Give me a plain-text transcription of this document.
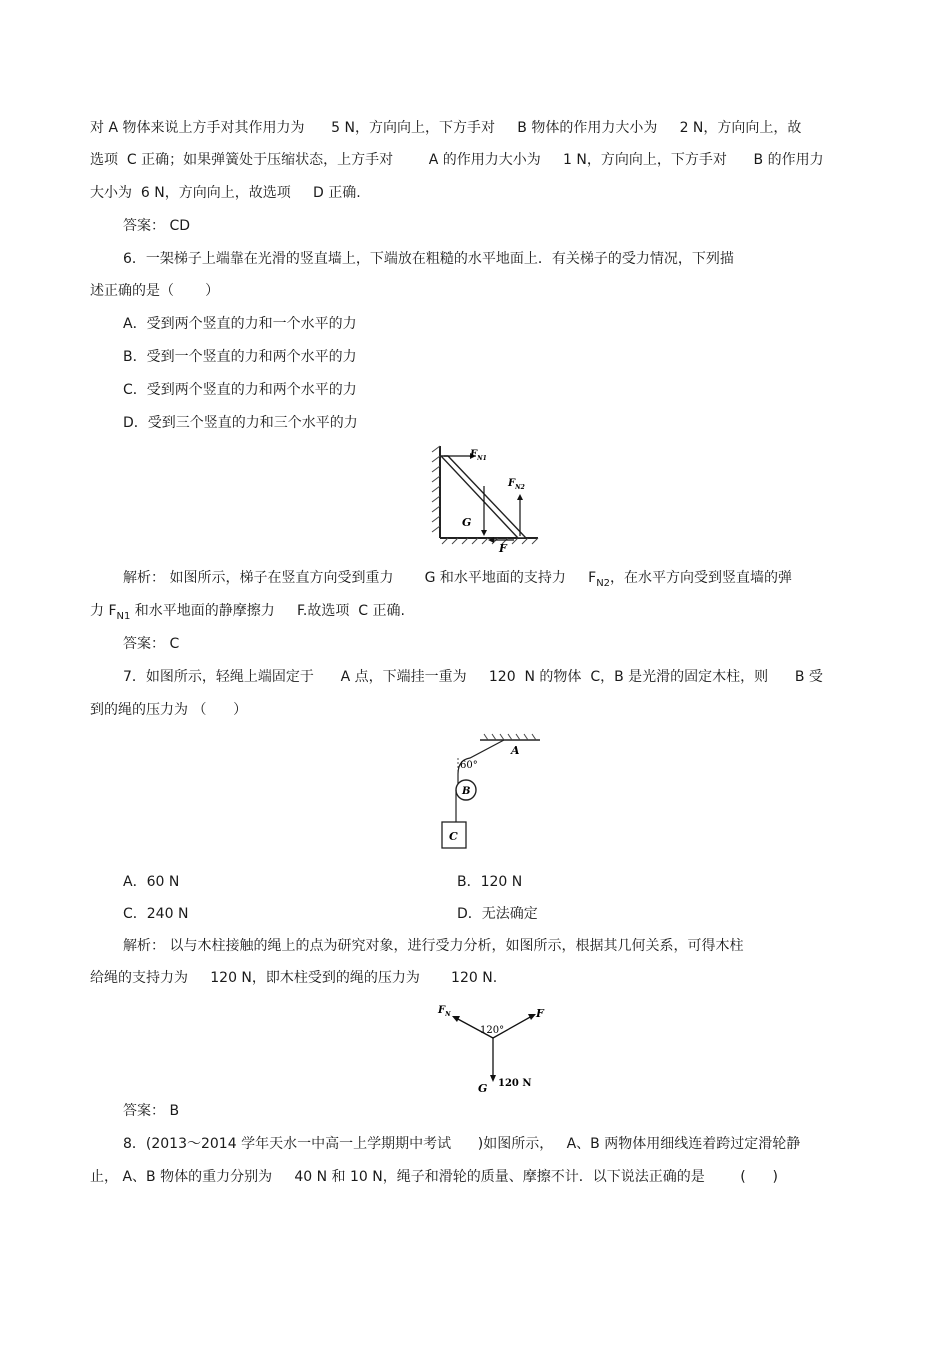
对 A 物体来说上方手对其作用力为      5 N，方向向上，下方手对     B 物体的作用力大小为     2 N，方向向上，故
选项  C 正确；如果弹簧处于压缩状态，上方手对        A 的作用力大小为     1 N，方向向上，下方手对      B 的作用力
大小为  6 N，方向向上，故选项     D 正确.
答案： CD
6．一架梯子上端靠在光滑的竖直墙上，下端放在粗糙的水平地面上．有关梯子的受力情况，下列描
述正确的是（       ）
A．受到两个竖直的力和一个水平的力
B．受到一个竖直的力和两个水平的力
C．受到两个竖直的力和两个水平的力
D．受到三个竖直的力和三个水平的力
$F_{N1}$
$F_{N2}$
G
F
解析： 如图所示，梯子在竖直方向受到重力       G 和水平地面的支持力     $F_{N2}$，在水平方向受到竖直墙的弹
力 $F_{N1}$ 和水平地面的静摩擦力     F.故选项  C 正确.
答案： C
7．如图所示，轻绳上端固定于      A 点，下端挂一重为     120  N 的物体  C，B 是光滑的固定木柱，则      B 受
到的绳的压力为 （      ）
A
B
C
60°
A．60 N	B．120 N
C．240 N	D．无法确定
解析： 以与木柱接触的绳上的点为研究对象，进行受力分析，如图所示，根据其几何关系，可得木柱
给绳的支持力为     120 N，即木柱受到的绳的压力为       120 N.
F
$F_N$
120°
G 120 N
答案： B
8．(2013～2014 学年天水一中高一上学期期中考试      )如图所示，   A、B 两物体用细线连着跨过定滑轮静
止， A、B 物体的重力分别为     40 N 和 10 N，绳子和滑轮的质量、摩擦不计．以下说法正确的是        (      )
